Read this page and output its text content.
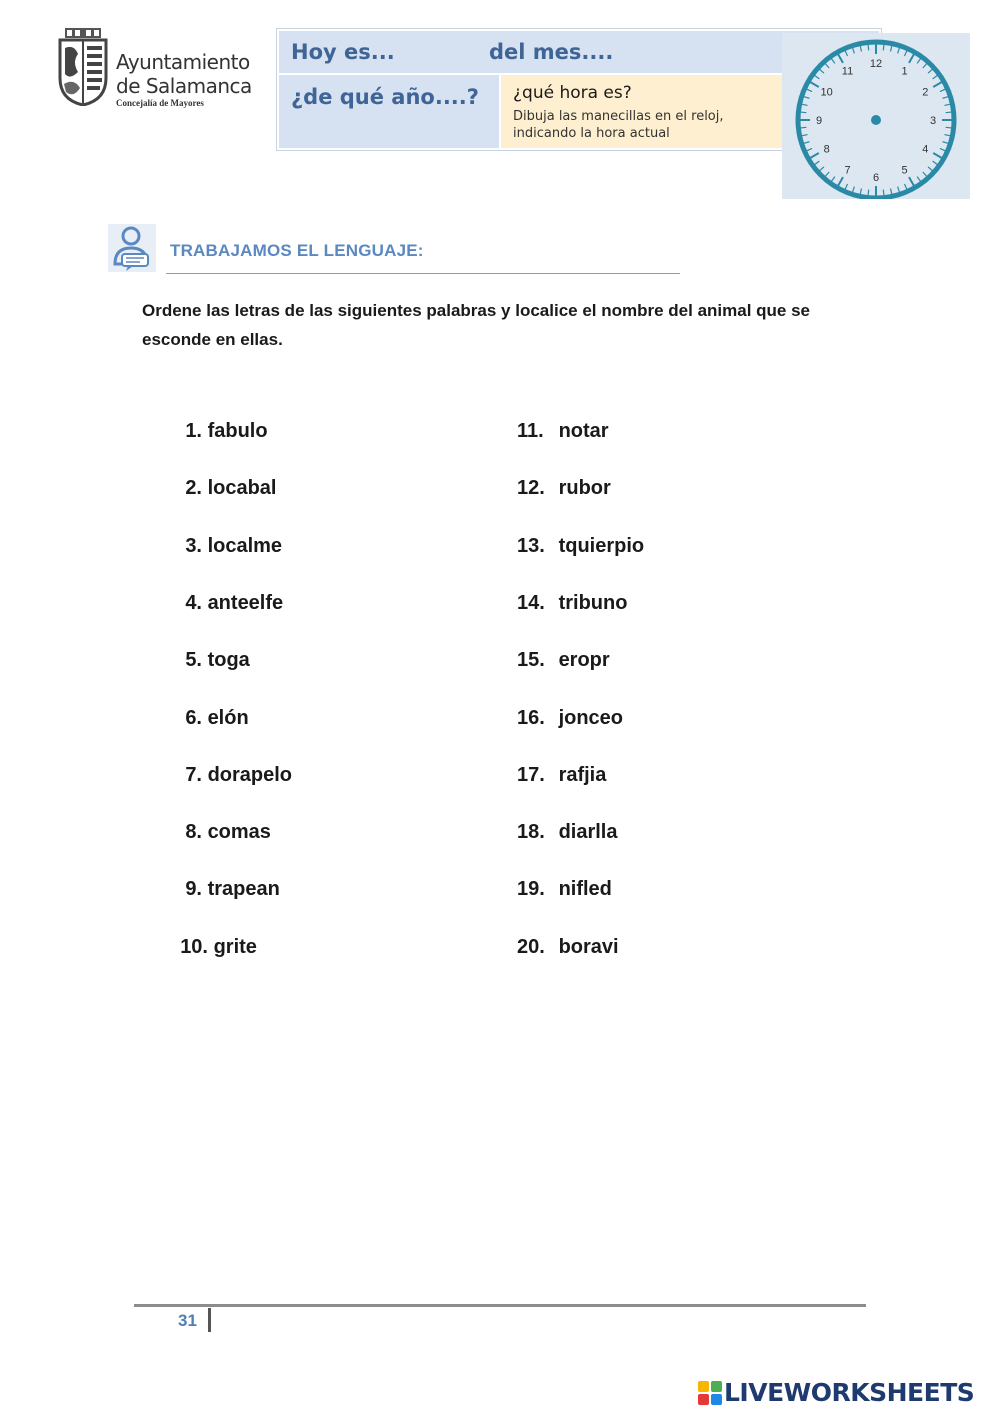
Ayuntamiento
de Salamanca
Concejalía de Mayores
Hoy es...	del mes....
¿de qué año....? ¿qué hora es?
Dibuja las manecillas en el reloj, indicando la hora actual
12
1
2
3
4
5
6
7
8
9
10
11
TRABAJAMOS EL LENGUAJE:
Ordene las letras de las siguientes palabras y localice el nombre del animal que se esconde en ellas.
1. fabulo
2. locabal
3. localme
4. anteelfe
5. toga
6. elón
7. dorapelo
8. comas
9. trapean
10. grite
11. notar
12. rubor
13. tquierpio
14. tribuno
15. eropr
16. jonceo
17. rafjia
18. diarlla
19. nifled
20. boravi
31
LIVEWORKSHEETS
